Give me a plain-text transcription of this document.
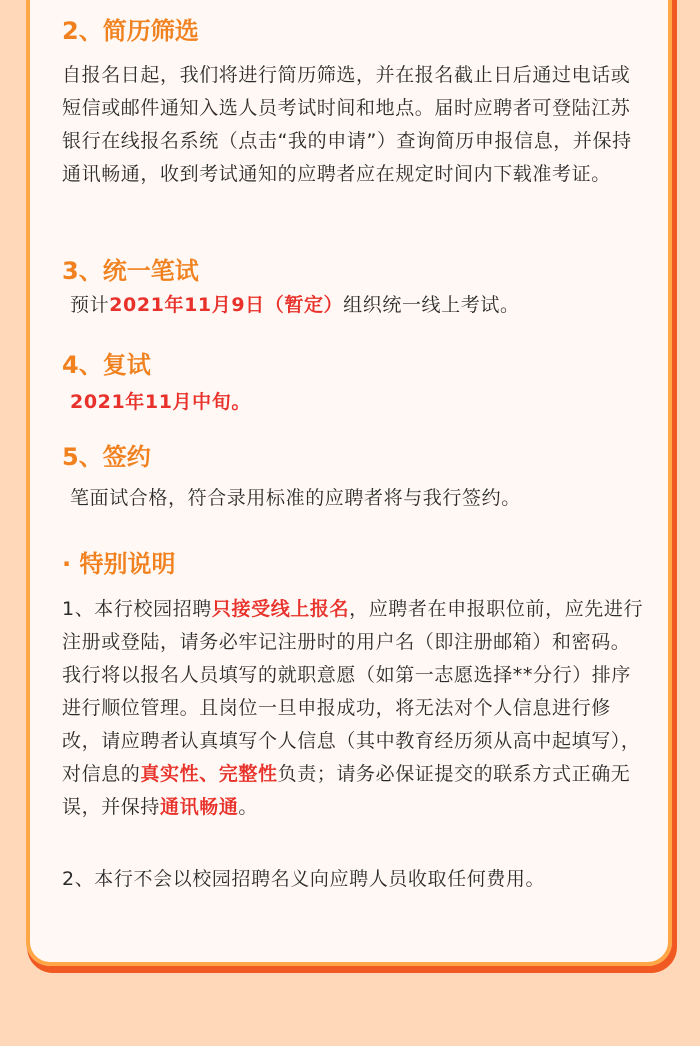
2、简历筛选

自报名日起，我们将进行简历筛选，并在报名截止日后通过电话或短信或邮件通知入选人员考试时间和地点。届时应聘者可登陆江苏银行在线报名系统（点击“我的申请”）查询简历申报信息，并保持通讯畅通，收到考试通知的应聘者应在规定时间内下载准考证。

3、统一笔试

预计2021年11月9日（暂定）组织统一线上考试。

4、复试

2021年11月中旬。

5、签约

笔面试合格，符合录用标准的应聘者将与我行签约。

· 特别说明

1、本行校园招聘只接受线上报名，应聘者在申报职位前，应先进行注册或登陆，请务必牢记注册时的用户名（即注册邮箱）和密码。我行将以报名人员填写的就职意愿（如第一志愿选择**分行）排序进行顺位管理。且岗位一旦申报成功，将无法对个人信息进行修改，请应聘者认真填写个人信息（其中教育经历须从高中起填写），对信息的真实性、完整性负责；请务必保证提交的联系方式正确无误，并保持通讯畅通。

2、本行不会以校园招聘名义向应聘人员收取任何费用。
